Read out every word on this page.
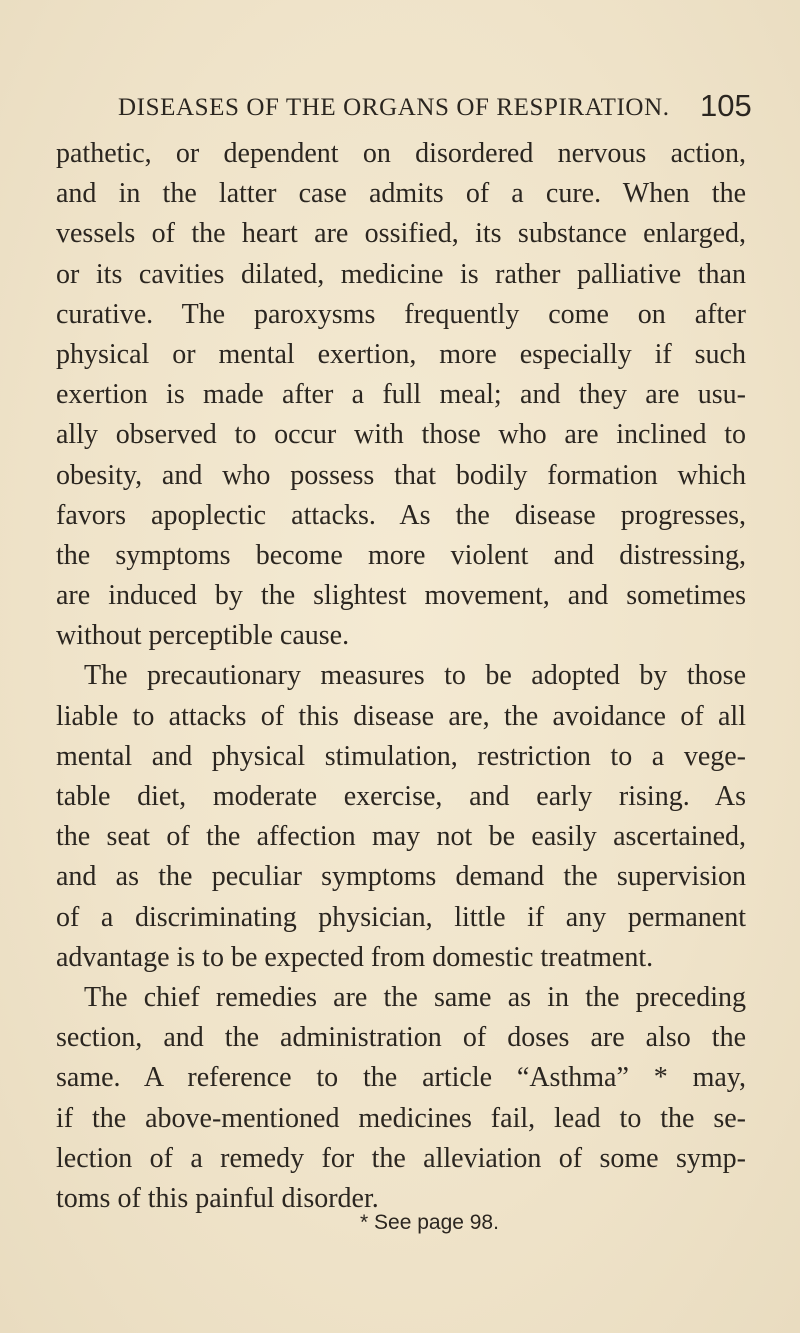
DISEASES OF THE ORGANS OF RESPIRATION. 105
pathetic, or dependent on disordered nervous action,
and in the latter case admits of a cure. When the
vessels of the heart are ossified, its substance enlarged,
or its cavities dilated, medicine is rather palliative than
curative. The paroxysms frequently come on after
physical or mental exertion, more especially if such
exertion is made after a full meal; and they are usu-
ally observed to occur with those who are inclined to
obesity, and who possess that bodily formation which
favors apoplectic attacks. As the disease progresses,
the symptoms become more violent and distressing,
are induced by the slightest movement, and sometimes
without perceptible cause.
The precautionary measures to be adopted by those
liable to attacks of this disease are, the avoidance of all
mental and physical stimulation, restriction to a vege-
table diet, moderate exercise, and early rising. As
the seat of the affection may not be easily ascertained,
and as the peculiar symptoms demand the supervision
of a discriminating physician, little if any permanent
advantage is to be expected from domestic treatment.
The chief remedies are the same as in the preceding
section, and the administration of doses are also the
same. A reference to the article “Asthma” * may,
if the above-mentioned medicines fail, lead to the se-
lection of a remedy for the alleviation of some symp-
toms of this painful disorder.
* See page 98.
